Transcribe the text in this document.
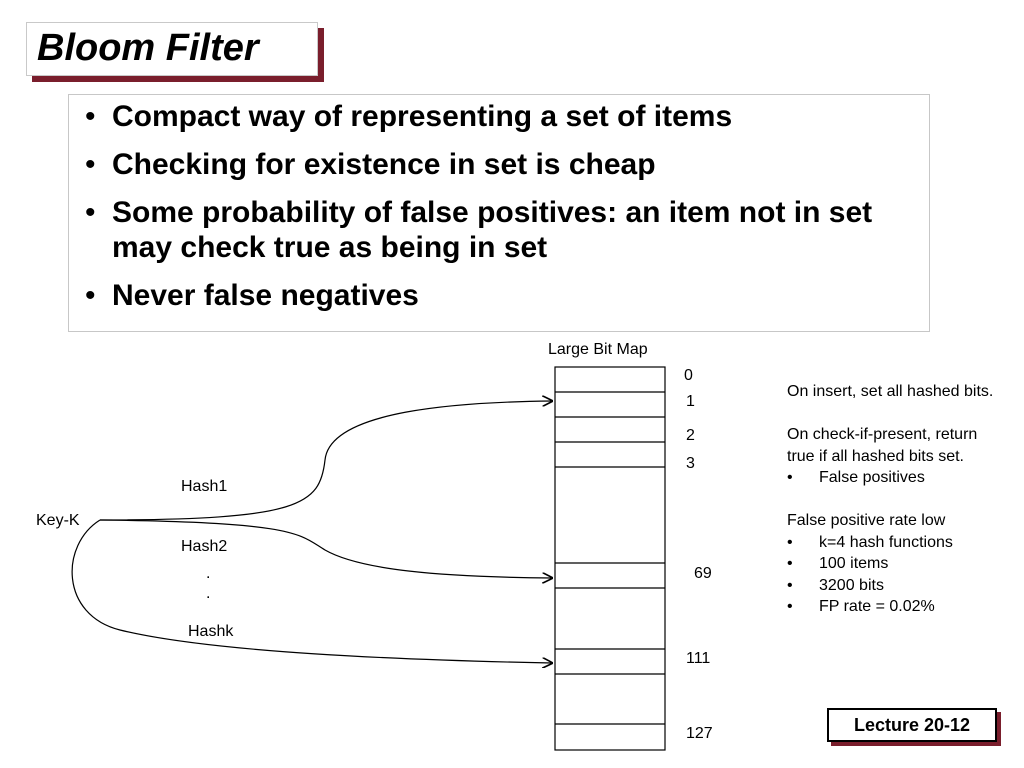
Bloom Filter
• Compact way of representing a set of items
• Checking for existence in set is cheap
• Some probability of false positives: an item not in set may check true as being in set
• Never false negatives
Large Bit Map
0
1
2
3
69
111
127
Key-K
Hash1
Hash2
.
.
Hashk

On insert, set all hashed bits.

On check-if-present, return true if all hashed bits set.

• False positives

False positive rate low

• k=4 hash functions
• 100 items
• 3200 bits
• FP rate = 0.02%
Lecture 20-12
